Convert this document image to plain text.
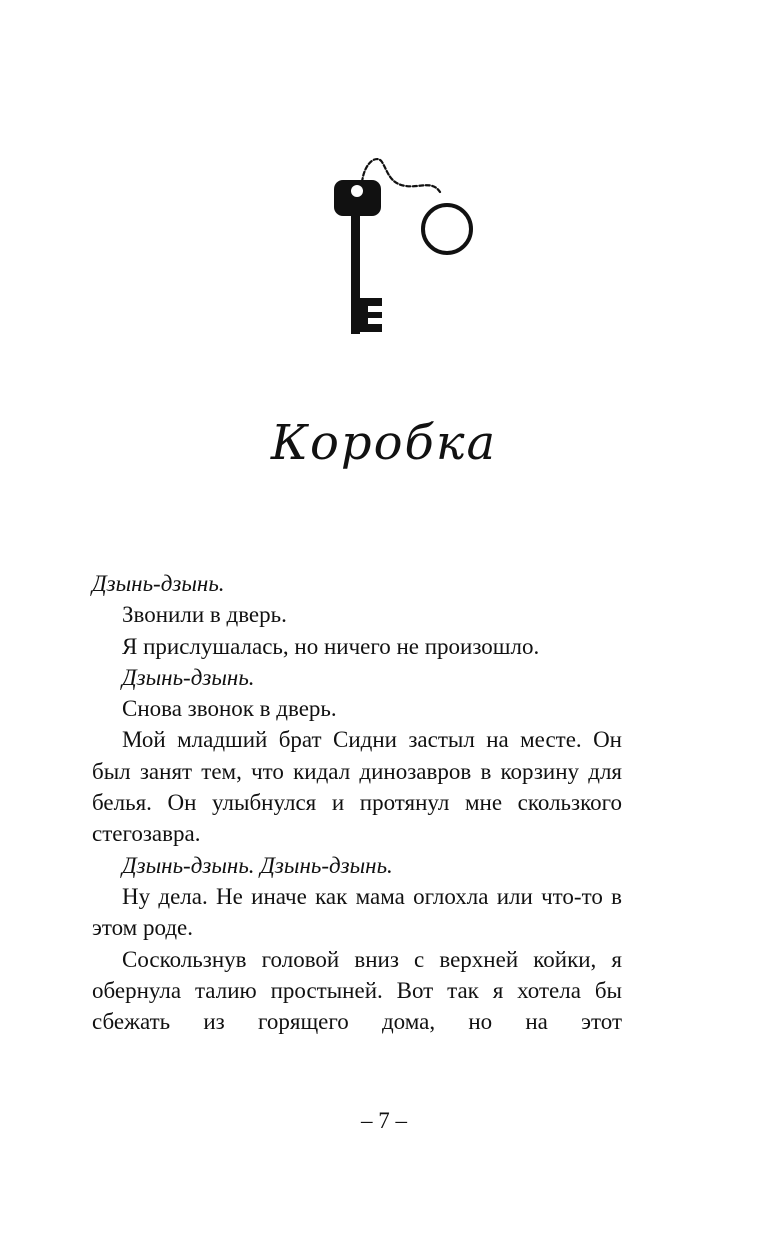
Коробка

Дзынь-дзынь.

Звонили в дверь.

Я прислушалась, но ничего не произошло.

Дзынь-дзынь.

Снова звонок в дверь.

Мой младший брат Сидни застыл на месте. Он был занят тем, что кидал динозавров в корзину для белья. Он улыбнулся и протянул мне скользкого стегозавра.

Дзынь-дзынь. Дзынь-дзынь.

Ну дела. Не иначе как мама оглохла или что-то в этом роде.

Соскользнув головой вниз с верхней койки, я обернула талию простыней. Вот так я хотела бы сбежать из горящего дома, но на этот

– 7 –
